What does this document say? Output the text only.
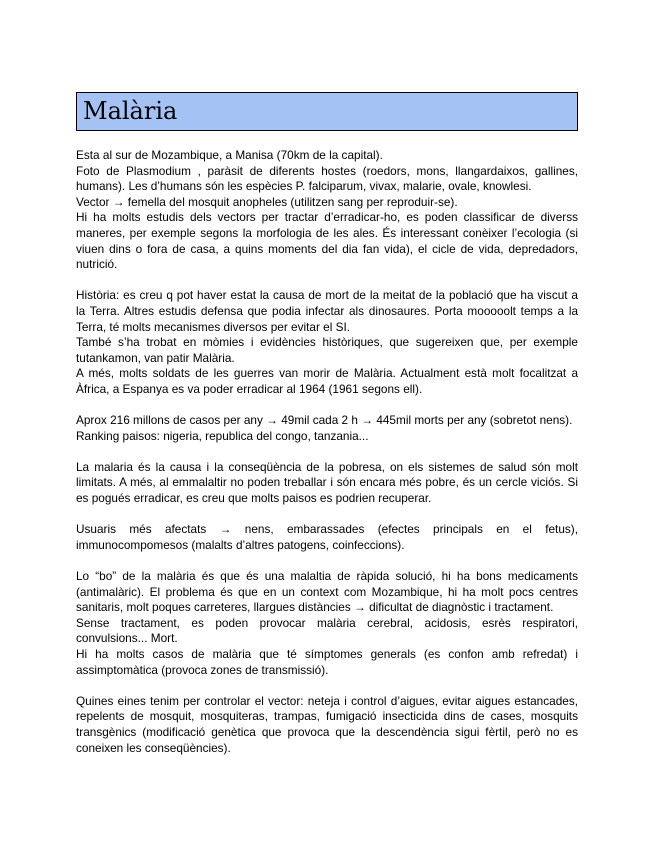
Malària

Esta al sur de Mozambique, a Manisa (70km de la capital).

Foto de Plasmodium , paràsit de diferents hostes (roedors, mons, llangardaixos, gallines, humans). Les d’humans són les espècies P. falciparum, vivax, malarie, ovale, knowlesi.

Vector → femella del mosquit anopheles (utilitzen sang per reproduir-se).

Hi ha molts estudis dels vectors per tractar d’erradicar-ho, es poden classificar de diverss maneres, per exemple segons la morfologia de les ales. És interessant conèixer l’ecologia (si viuen dins o fora de casa, a quins moments del dia fan vida), el cicle de vida, depredadors, nutrició.

Història: es creu q pot haver estat la causa de mort de la meitat de la població que ha viscut a la Terra. Altres estudis defensa que podia infectar als dinosaures. Porta mooooolt temps a la Terra, té molts mecanismes diversos per evitar el SI.

També s’ha trobat en mòmies i evidències històriques, que sugereixen que, per exemple tutankamon, van patir Malària.

A més, molts soldats de les guerres van morir de Malària. Actualment està molt focalitzat a Àfrica, a Espanya es va poder erradicar al 1964 (1961 segons ell).

Aprox 216 millons de casos per any → 49mil cada 2 h → 445mil morts per any (sobretot nens).

Ranking paisos: nigeria, republica del congo, tanzania...

La malaria és la causa i la conseqüència de la pobresa, on els sistemes de salud són molt limitats. A més, al emmalaltir no poden treballar i són encara més pobre, és un cercle viciós. Si es pogués erradicar, es creu que molts paisos es podrien recuperar.

Usuaris més afectats → nens, embarassades (efectes principals en el fetus), immunocompomesos (malalts d’altres patogens, coinfeccions).

Lo “bo” de la malària és que és una malaltia de ràpida solució, hi ha bons medicaments (antimalàric). El problema és que en un context com Mozambique, hi ha molt pocs centres sanitaris, molt poques carreteres, llargues distàncies → dificultat de diagnòstic i tractament.

Sense tractament, es poden provocar malària cerebral, acidosis, esrès respiratori, convulsions... Mort.

Hi ha molts casos de malària que té símptomes generals (es confon amb refredat) i assimptomàtica (provoca zones de transmissió).

Quines eines tenim per controlar el vector: neteja i control d’aigues, evitar aigues estancades, repelents de mosquit, mosquiteras, trampas, fumigació insecticida dins de cases, mosquits transgènics (modificació genètica que provoca que la descendència sigui fèrtil, però no es coneixen les conseqüències).
